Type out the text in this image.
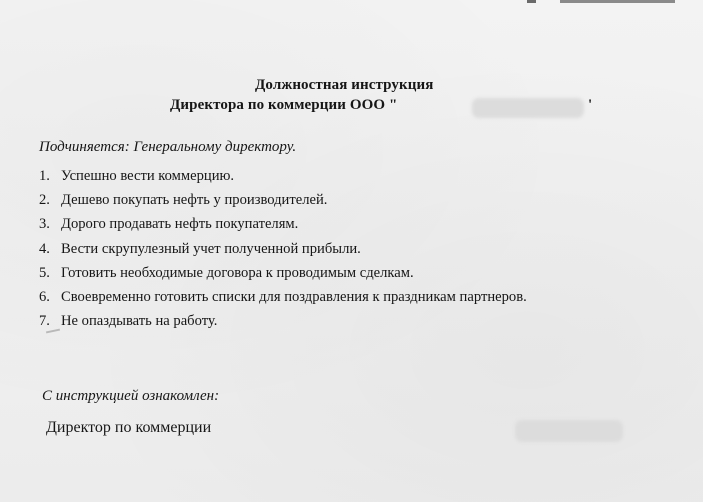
Должностная инструкция
Директора по коммерции ООО "	'
Подчиняется: Генеральному директору.
1. Успешно вести коммерцию.
2. Дешево покупать нефть у производителей.
3. Дорого продавать нефть покупателям.
4. Вести скрупулезный учет полученной прибыли.
5. Готовить необходимые договора к проводимым сделкам.
6. Своевременно готовить списки для поздравления к праздникам партнеров.
7. Не опаздывать на работу.
С инструкцией ознакомлен:
Директор по коммерции
